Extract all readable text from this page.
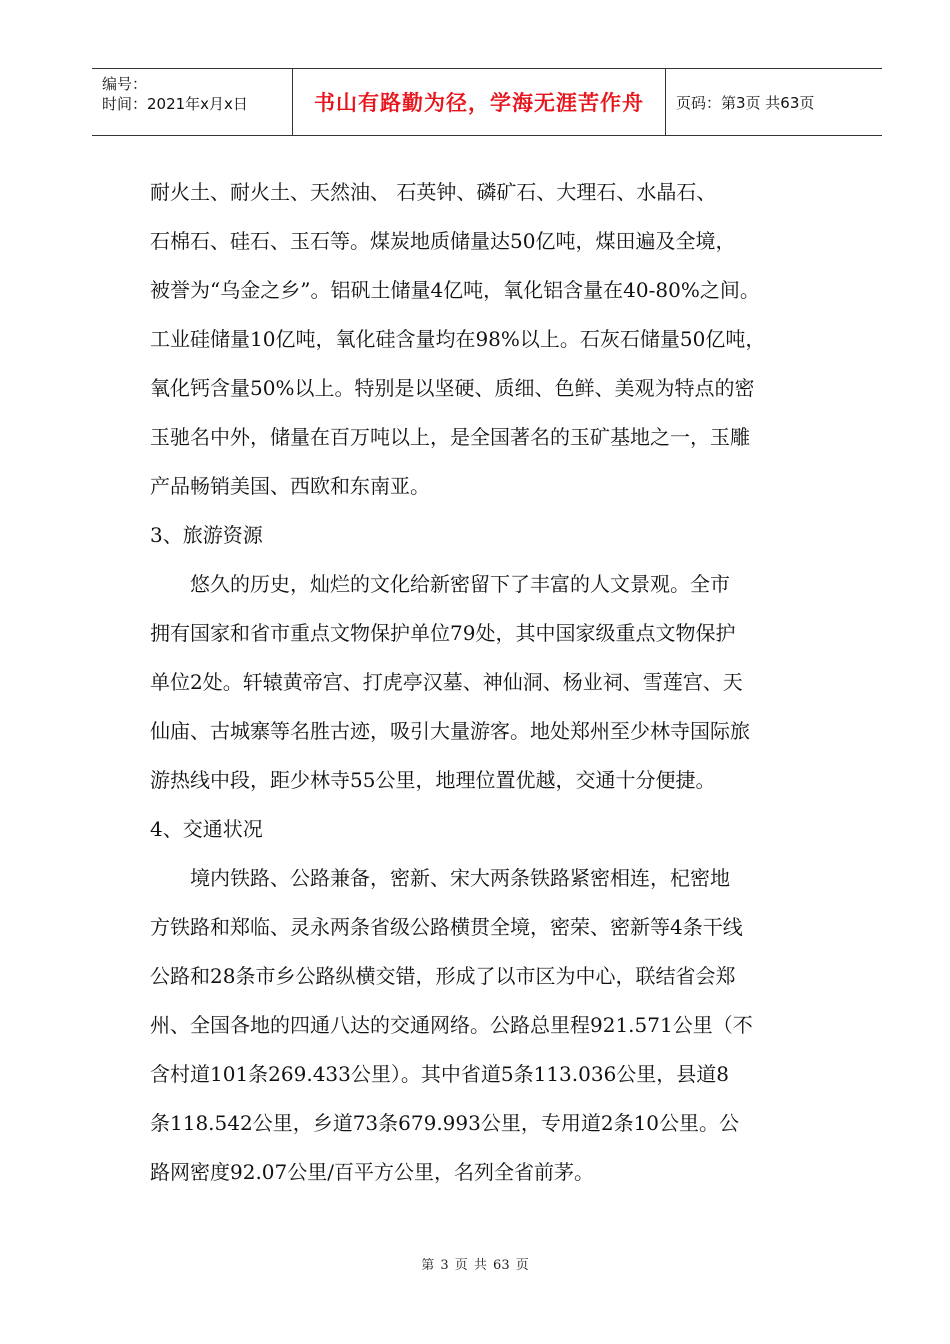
编号：
时间：2021年x月x日	书山有路勤为径，学海无涯苦作舟	页码：第3页 共63页

耐火土、耐火土、天然油、 石英钟、磷矿石、大理石、水晶石、

石棉石、硅石、玉石等。煤炭地质储量达50亿吨，煤田遍及全境，

被誉为“乌金之乡”。铝矾土储量4亿吨，氧化铝含量在40-80%之间。

工业硅储量10亿吨，氧化硅含量均在98%以上。石灰石储量50亿吨，

氧化钙含量50%以上。特别是以坚硬、质细、色鲜、美观为特点的密

玉驰名中外，储量在百万吨以上，是全国著名的玉矿基地之一，玉雕

产品畅销美国、西欧和东南亚。

3、旅游资源

悠久的历史，灿烂的文化给新密留下了丰富的人文景观。全市

拥有国家和省市重点文物保护单位79处，其中国家级重点文物保护

单位2处。轩辕黄帝宫、打虎亭汉墓、神仙洞、杨业祠、雪莲宫、天

仙庙、古城寨等名胜古迹，吸引大量游客。地处郑州至少林寺国际旅

游热线中段，距少林寺55公里，地理位置优越，交通十分便捷。

4、交通状况

境内铁路、公路兼备，密新、宋大两条铁路紧密相连，杞密地

方铁路和郑临、灵永两条省级公路横贯全境，密荣、密新等4条干线

公路和28条市乡公路纵横交错，形成了以市区为中心，联结省会郑

州、全国各地的四通八达的交通网络。公路总里程921.571公里（不

含村道101条269.433公里）。其中省道5条113.036公里，县道8

条118.542公里，乡道73条679.993公里，专用道2条10公里。公

路网密度92.07公里/百平方公里，名列全省前茅。

第 3 页 共 63 页
